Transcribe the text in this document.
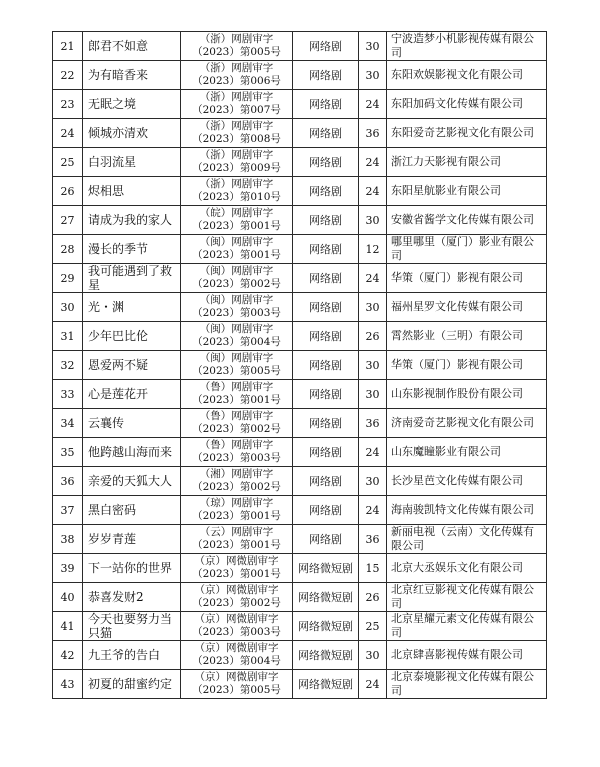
21	郎君不如意	（浙）网剧审字
（2023）第005号	网络剧	30	宁波造梦小机影视传媒有限公司
22	为有暗香来	（浙）网剧审字
（2023）第006号	网络剧	30	东阳欢娱影视文化有限公司
23	无眠之境	（浙）网剧审字
（2023）第007号	网络剧	24	东阳加码文化传媒有限公司
24	倾城亦清欢	（浙）网剧审字
（2023）第008号	网络剧	36	东阳爱奇艺影视文化有限公司
25	白羽流星	（浙）网剧审字
（2023）第009号	网络剧	24	浙江力天影视有限公司
26	烬相思	（浙）网剧审字
（2023）第010号	网络剧	24	东阳星航影业有限公司
27	请成为我的家人	（皖）网剧审字
（2023）第001号	网络剧	30	安徽省酱学文化传媒有限公司
28	漫长的季节	（闽）网剧审字
（2023）第001号	网络剧	12	哪里哪里（厦门）影业有限公司
29	我可能遇到了救星	（闽）网剧审字
（2023）第002号	网络剧	24	华策（厦门）影视有限公司
30	光・渊	（闽）网剧审字
（2023）第003号	网络剧	30	福州星罗文化传媒有限公司
31	少年巴比伦	（闽）网剧审字
（2023）第004号	网络剧	26	霄然影业（三明）有限公司
32	恩爱两不疑	（闽）网剧审字
（2023）第005号	网络剧	30	华策（厦门）影视有限公司
33	心是莲花开	（鲁）网剧审字
（2023）第001号	网络剧	30	山东影视制作股份有限公司
34	云襄传	（鲁）网剧审字
（2023）第002号	网络剧	36	济南爱奇艺影视文化有限公司
35	他跨越山海而来	（鲁）网剧审字
（2023）第003号	网络剧	24	山东魔瞳影业有限公司
36	亲爱的天狐大人	（湘）网剧审字
（2023）第002号	网络剧	30	长沙星芭文化传媒有限公司
37	黑白密码	（琼）网剧审字
（2023）第001号	网络剧	24	海南骏凯特文化传媒有限公司
38	岁岁青莲	（云）网剧审字
（2023）第001号	网络剧	36	新丽电视（云南）文化传媒有限公司
39	下一站你的世界	（京）网微剧审字
（2023）第001号	网络微短剧	15	北京大丞娱乐文化有限公司
40	恭喜发财2	（京）网微剧审字
（2023）第002号	网络微短剧	26	北京红豆影视文化传媒有限公司
41	今天也要努力当只猫	（京）网微剧审字
（2023）第003号	网络微短剧	25	北京星耀元素文化传媒有限公司
42	九王爷的告白	（京）网微剧审字
（2023）第004号	网络微短剧	30	北京肆喜影视传媒有限公司
43	初夏的甜蜜约定	（京）网微剧审字
（2023）第005号	网络微短剧	24	北京泰境影视文化传媒有限公司
